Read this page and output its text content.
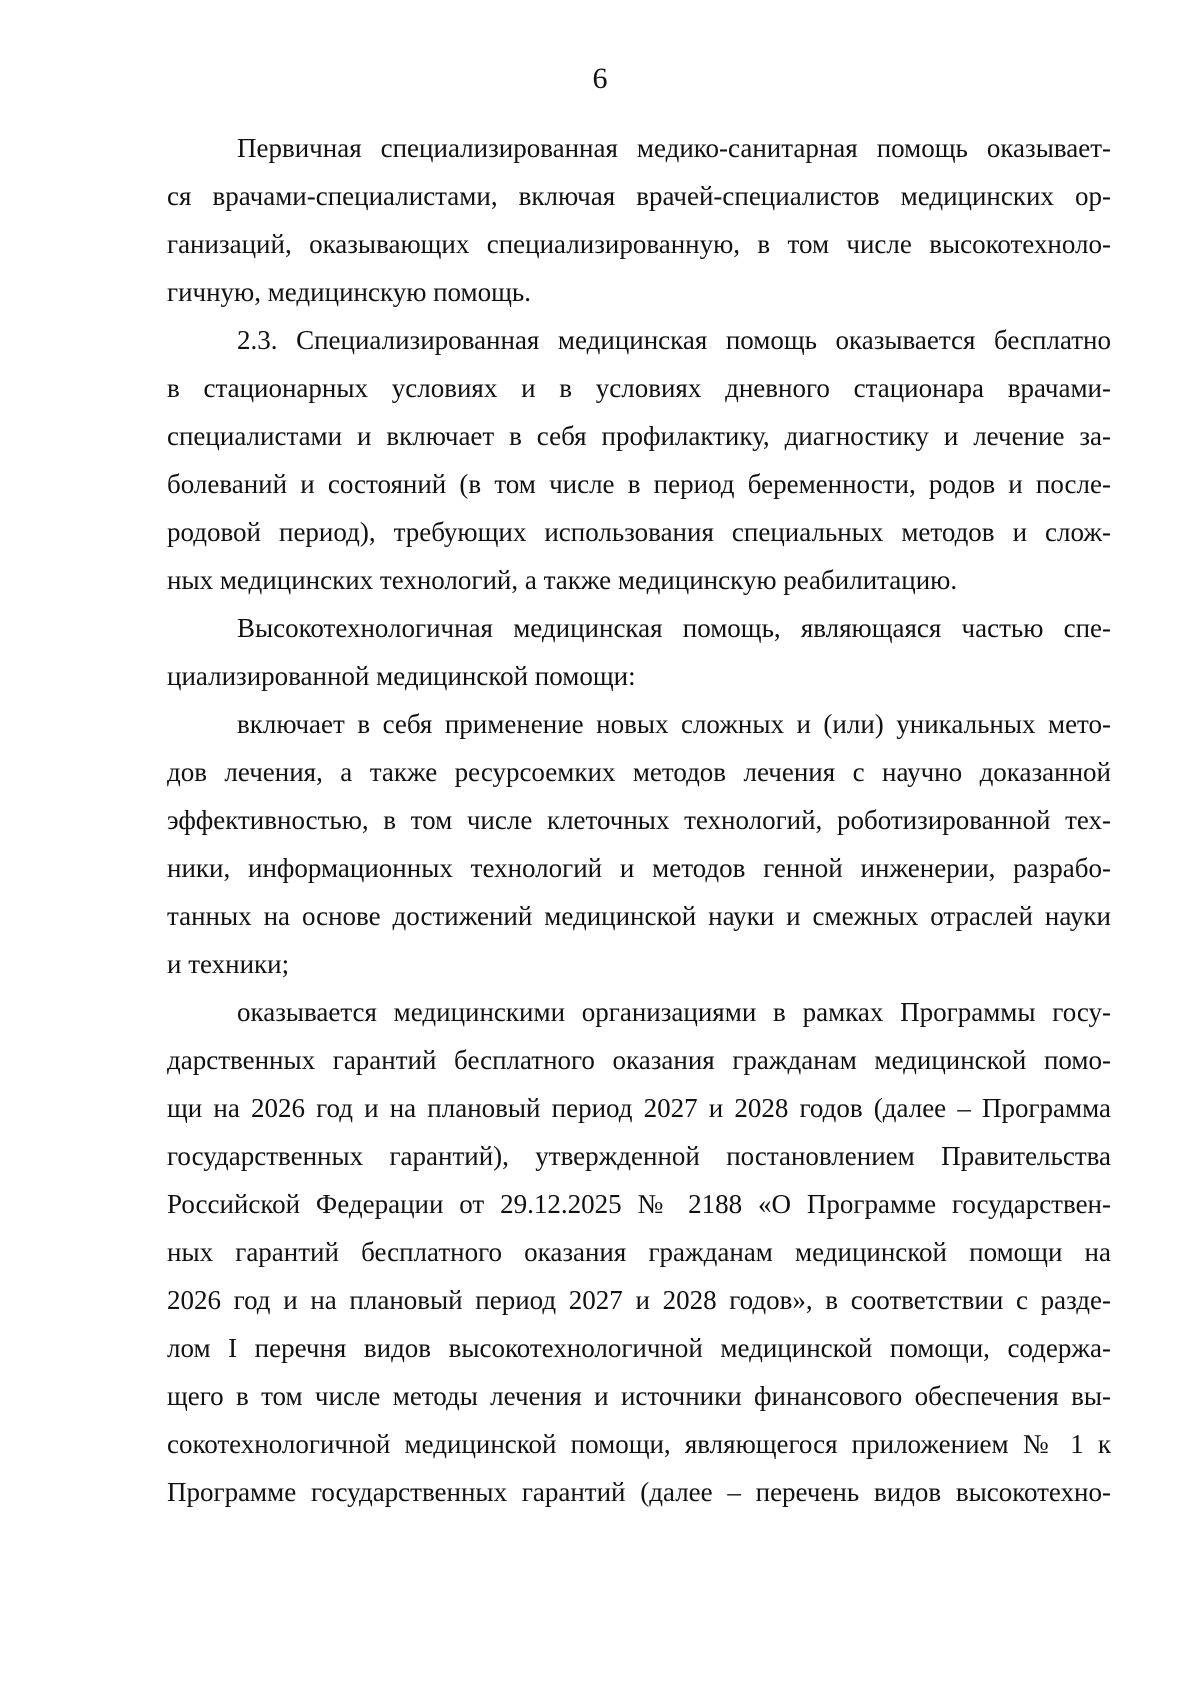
6
Первичная специализированная медико-санитарная помощь оказывает-
ся врачами-специалистами, включая врачей-специалистов медицинских ор-
ганизаций, оказывающих специализированную, в том числе высокотехноло-
гичную, медицинскую помощь.
2.3. Специализированная медицинская помощь оказывается бесплатно
в стационарных условиях и в условиях дневного стационара врачами-
специалистами и включает в себя профилактику, диагностику и лечение за-
болеваний и состояний (в том числе в период беременности, родов и после-
родовой период), требующих использования специальных методов и слож-
ных медицинских технологий, а также медицинскую реабилитацию.
Высокотехнологичная медицинская помощь, являющаяся частью спе-
циализированной медицинской помощи:
включает в себя применение новых сложных и (или) уникальных мето-
дов лечения, а также ресурсоемких методов лечения с научно доказанной
эффективностью, в том числе клеточных технологий, роботизированной тех-
ники, информационных технологий и методов генной инженерии, разрабо-
танных на основе достижений медицинской науки и смежных отраслей науки
и техники;
оказывается медицинскими организациями в рамках Программы госу-
дарственных гарантий бесплатного оказания гражданам медицинской помо-
щи на 2026 год и на плановый период 2027 и 2028 годов (далее – Программа
государственных гарантий), утвержденной постановлением Правительства
Российской Федерации от 29.12.2025 № 2188 «О Программе государствен-
ных гарантий бесплатного оказания гражданам медицинской помощи на
2026 год и на плановый период 2027 и 2028 годов», в соответствии с разде-
лом I перечня видов высокотехнологичной медицинской помощи, содержа-
щего в том числе методы лечения и источники финансового обеспечения вы-
сокотехнологичной медицинской помощи, являющегося приложением № 1 к
Программе государственных гарантий (далее – перечень видов высокотехно-
